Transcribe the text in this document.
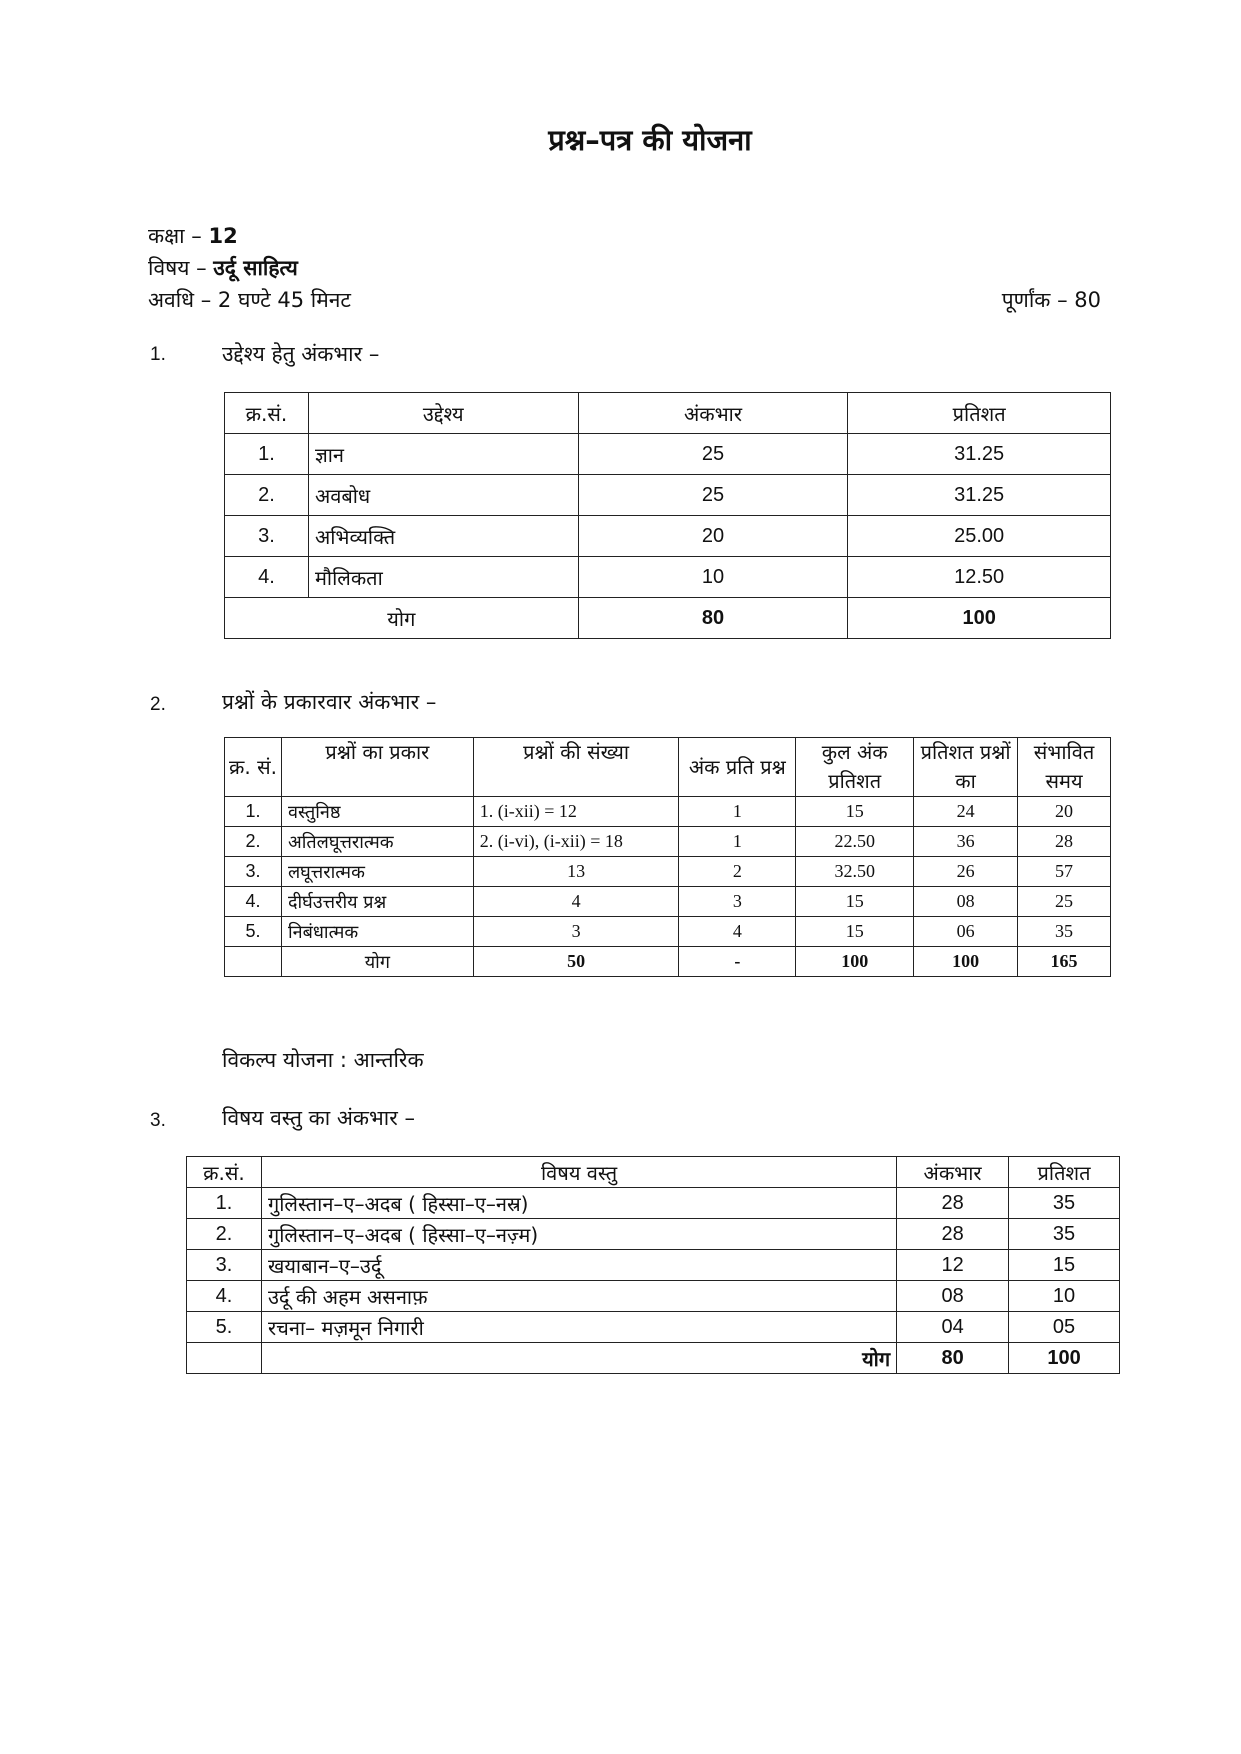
प्रश्न–पत्र की योजना
कक्षा – 12
विषय – उर्दू साहित्य
अवधि – 2 घण्टे 45 मिनट	पूर्णांक – 80
1.	उद्देश्य हेतु अंकभार –
क्र.सं.	उद्देश्य	अंकभार	प्रतिशत
1.	ज्ञान	25	31.25
2.	अवबोध	25	31.25
3.	अभिव्यक्ति	20	25.00
4.	मौलिकता	10	12.50
योग		80	100
2.	प्रश्नों के प्रकारवार अंकभार –
क्र. सं.	प्रश्नों का प्रकार	प्रश्नों की संख्या	अंक प्रति प्रश्न	कुल अंक प्रतिशत	प्रतिशत प्रश्नों का	संभावित समय
1.	वस्तुनिष्ठ	1. (i-xii) = 12	1	15	24	20
2.	अतिलघूत्तरात्मक	2. (i-vi), (i-xii) = 18	1	22.50	36	28
3.	लघूत्तरात्मक	13	2	32.50	26	57
4.	दीर्घउत्तरीय प्रश्न	4	3	15	08	25
5.	निबंधात्मक	3	4	15	06	35
	योग	50	-	100	100	165
विकल्प योजना : आन्तरिक
3.	विषय वस्तु का अंकभार –
क्र.सं.	विषय वस्तु	अंकभार	प्रतिशत
1.	गुलिस्तान–ए–अदब ( हिस्सा–ए–नस्र)	28	35
2.	गुलिस्तान–ए–अदब ( हिस्सा–ए–नज़्म)	28	35
3.	खयाबान–ए–उर्दू	12	15
4.	उर्दू की अहम असनाफ़	08	10
5.	रचना– मज़मून निगारी	04	05
	योग	80	100
